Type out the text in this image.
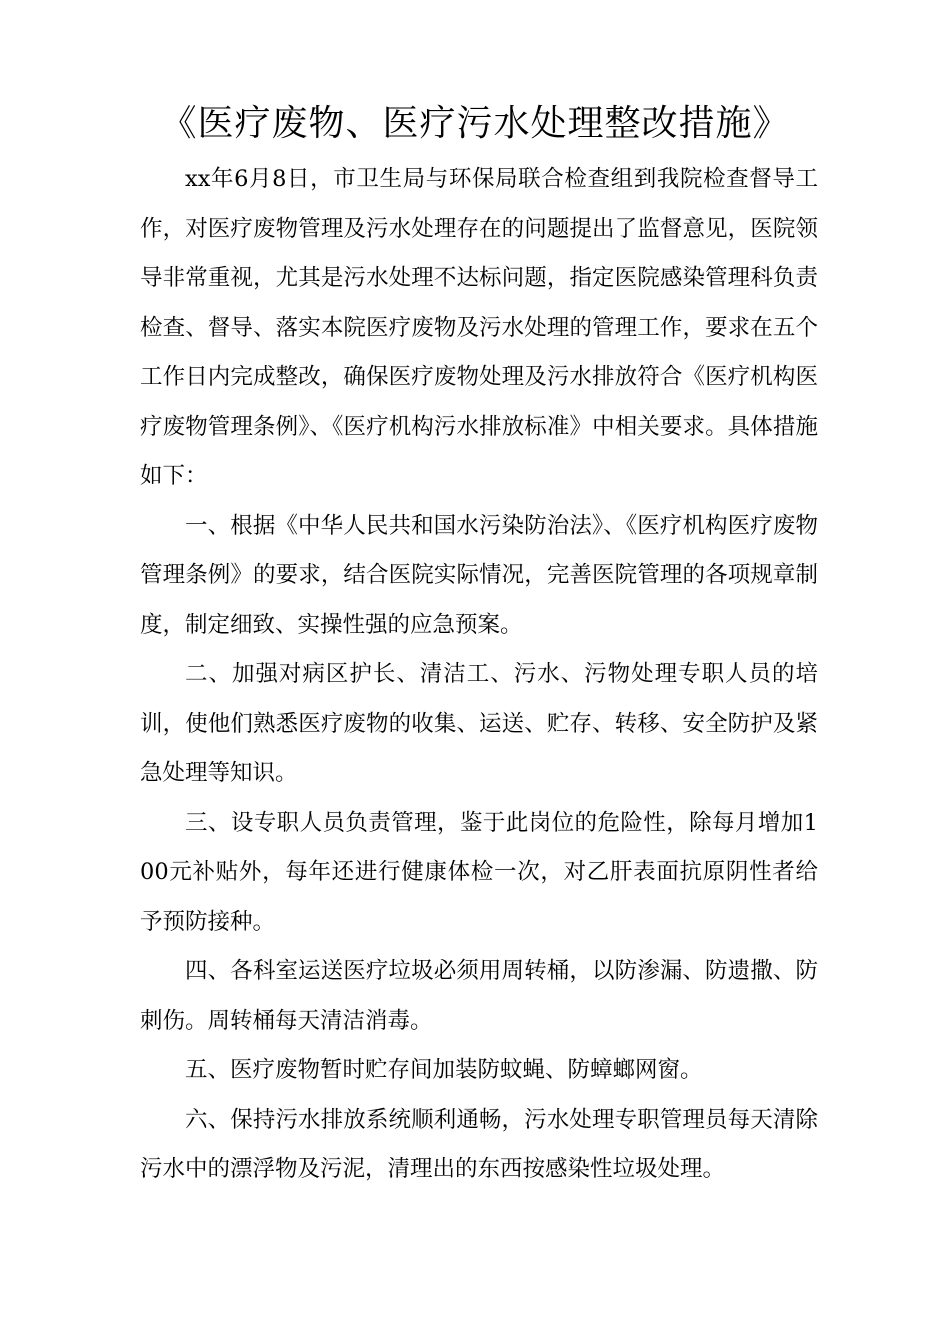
《医疗废物、医疗污水处理整改措施》

xx年6月8日，市卫生局与环保局联合检查组到我院检查督导工作，对医疗废物管理及污水处理存在的问题提出了监督意见，医院领导非常重视，尤其是污水处理不达标问题，指定医院感染管理科负责检查、督导、落实本院医疗废物及污水处理的管理工作，要求在五个工作日内完成整改，确保医疗废物处理及污水排放符合《医疗机构医疗废物管理条例》、《医疗机构污水排放标准》中相关要求。具体措施如下：

一、根据《中华人民共和国水污染防治法》、《医疗机构医疗废物管理条例》的要求，结合医院实际情况，完善医院管理的各项规章制度，制定细致、实操性强的应急预案。

二、加强对病区护长、清洁工、污水、污物处理专职人员的培训，使他们熟悉医疗废物的收集、运送、贮存、转移、安全防护及紧急处理等知识。

三、设专职人员负责管理，鉴于此岗位的危险性，除每月增加100元补贴外，每年还进行健康体检一次，对乙肝表面抗原阴性者给予预防接种。

四、各科室运送医疗垃圾必须用周转桶，以防渗漏、防遗撒、防刺伤。周转桶每天清洁消毒。

五、医疗废物暂时贮存间加装防蚊蝇、防蟑螂网窗。

六、保持污水排放系统顺利通畅，污水处理专职管理员每天清除污水中的漂浮物及污泥，清理出的东西按感染性垃圾处理。
